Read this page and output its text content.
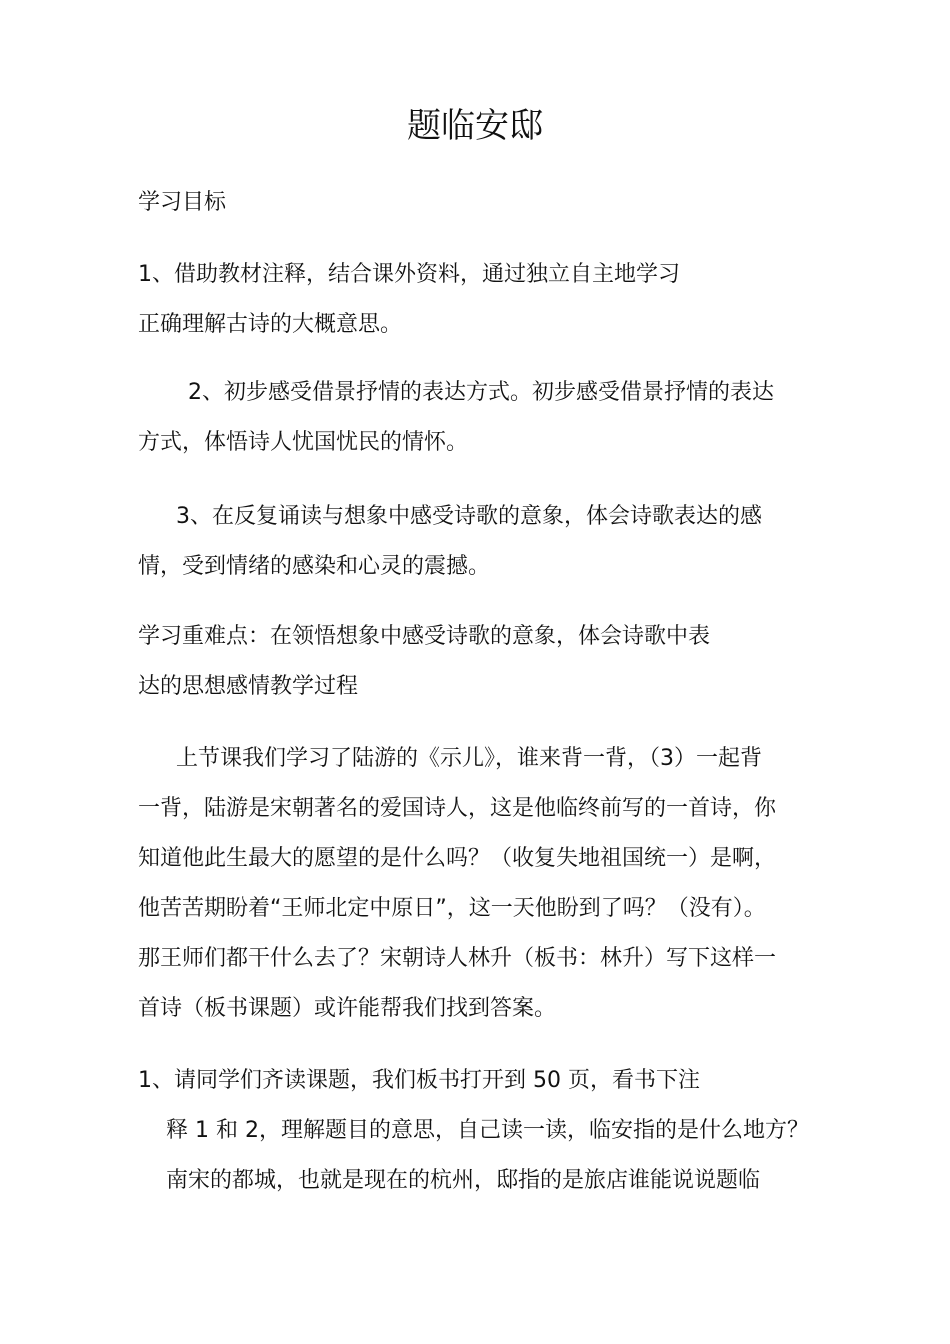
题临安邸

学习目标

1、借助教材注释，结合课外资料，通过独立自主地学习

正确理解古诗的大概意思。

2、初步感受借景抒情的表达方式。初步感受借景抒情的表达

方式，体悟诗人忧国忧民的情怀。

3、在反复诵读与想象中感受诗歌的意象，体会诗歌表达的感

情，受到情绪的感染和心灵的震撼。

学习重难点：在领悟想象中感受诗歌的意象，体会诗歌中表

达的思想感情教学过程

上节课我们学习了陆游的《示儿》，谁来背一背，（3）一起背

一背，陆游是宋朝著名的爱国诗人，这是他临终前写的一首诗，你

知道他此生最大的愿望的是什么吗？（收复失地祖国统一）是啊，

他苦苦期盼着“王师北定中原日”，这一天他盼到了吗？（没有）。

那王师们都干什么去了？宋朝诗人林升（板书：林升）写下这样一

首诗（板书课题）或许能帮我们找到答案。

1、请同学们齐读课题，我们板书打开到 50 页，看书下注

释 1 和 2，理解题目的意思，自己读一读，临安指的是什么地方？

南宋的都城，也就是现在的杭州，邸指的是旅店谁能说说题临
